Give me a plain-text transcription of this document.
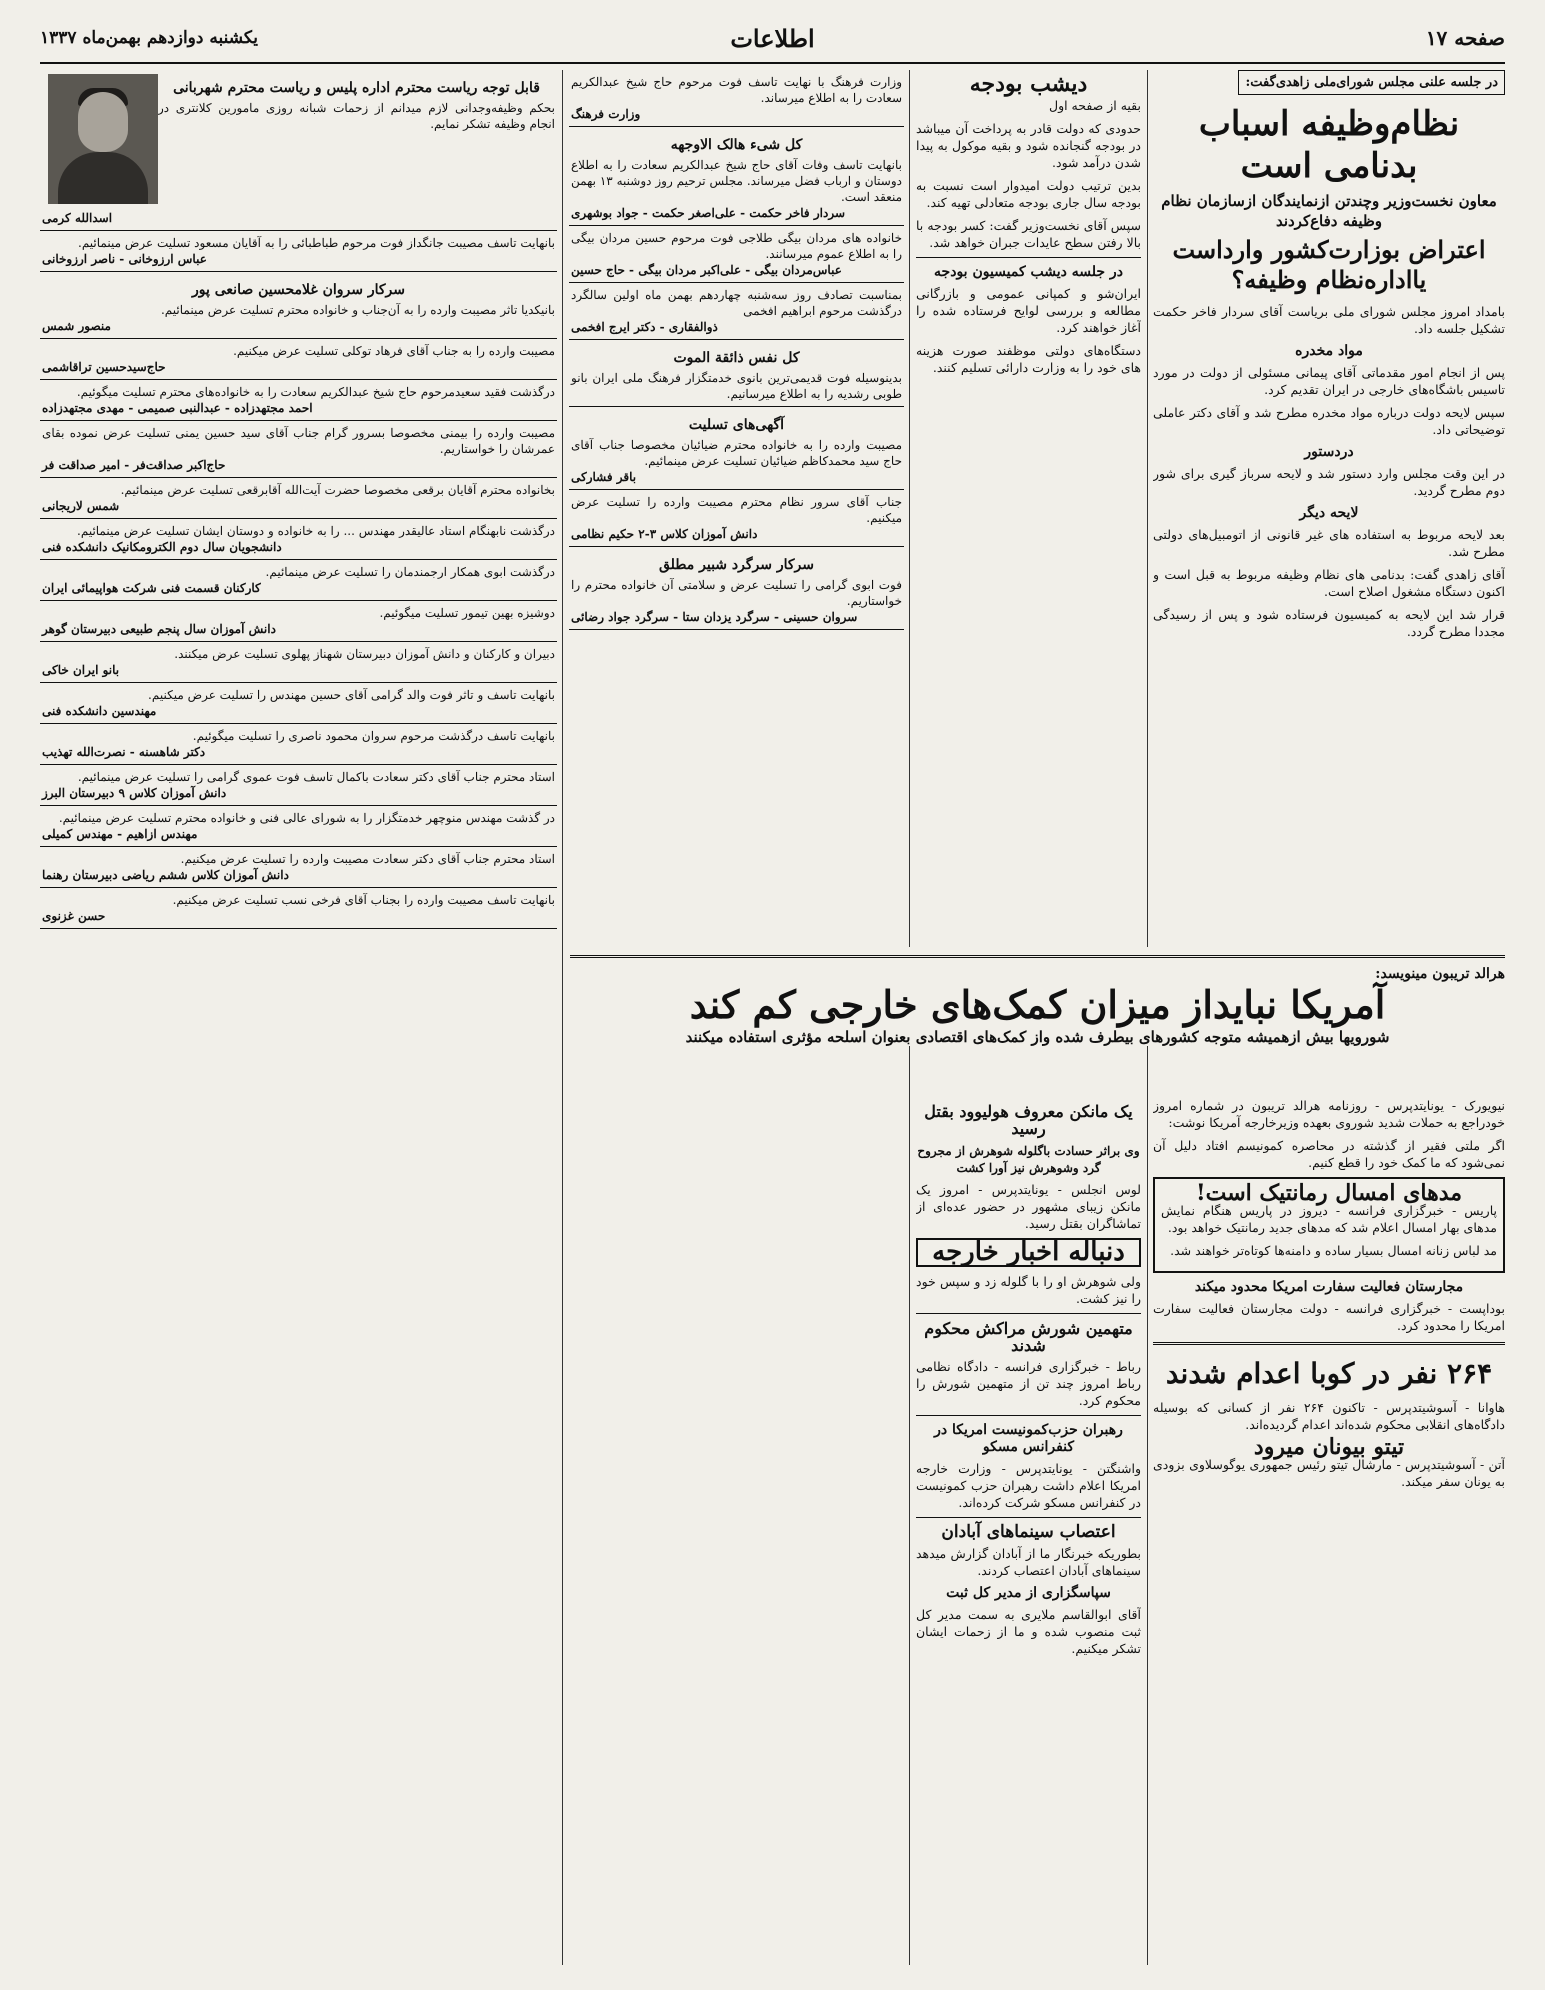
صفحه ١٧
اطلاعات
یکشنبه دوازدهم بهمن‌ماه ١٣٣٧
در جلسه علنی مجلس شورای‌ملی زاهدی‌گفت:
نظام‌وظیفه اسباب بدنامی است
معاون نخست‌وزیر وچندتن ازنمایندگان ازسازمان نظام وظیفه دفاع‌کردند
اعتراض بوزارت‌کشور وارداست یااداره‌نظام وظیفه؟

بامداد امروز مجلس شورای ملی بریاست آقای سردار فاخر حکمت تشکیل جلسه داد.

مواد مخدره

پس از انجام امور مقدماتی آقای پیمانی مسئولی از دولت در مورد تاسیس باشگاه‌های خارجی در ایران تقدیم کرد.

سپس لایحه دولت درباره مواد مخدره مطرح شد و آقای دکتر عاملی توضیحاتی داد.

دردستور

در این وقت مجلس وارد دستور شد و لایحه سرباز گیری برای شور دوم مطرح گردید.

لایحه دیگر

بعد لایحه مربوط به استفاده های غیر قانونی از اتومبیل‌های دولتی مطرح شد.

آقای زاهدی گفت: بدنامی های نظام وظیفه مربوط به قبل است و اکنون دستگاه مشغول اصلاح است.

قرار شد این لایحه به کمیسیون فرستاده شود و پس از رسیدگی مجددا مطرح گردد.

دیشب بودجه

بقیه از صفحه اول

حدودی که دولت قادر به پرداخت آن میباشد در بودجه گنجانده شود و بقیه موکول به پیدا شدن درآمد شود.

بدین ترتیب دولت امیدوار است نسبت به بودجه سال جاری بودجه متعادلی تهیه کند.

سپس آقای نخست‌وزیر گفت: کسر بودجه با بالا رفتن سطح عایدات جبران خواهد شد.

در جلسه دیشب کمیسیون بودجه

ایران‌شو و کمپانی عمومی و بازرگانی مطالعه و بررسی لوایح فرستاده شده را آغاز خواهند کرد.

دستگاه‌های دولتی موظفند صورت هزینه های خود را به وزارت دارائی تسلیم کنند.

وزارت فرهنگ با نهایت تاسف فوت مرحوم حاج شیخ عبدالکریم سعادت را به اطلاع میرساند.
وزارت فرهنگ
کل شیء هالک الاوجهه
بانهایت تاسف وفات آقای حاج شیخ عبدالکریم سعادت را به اطلاع دوستان و ارباب فضل میرساند. مجلس ترحیم روز دوشنبه ۱۳ بهمن منعقد است.
سردار فاخر حکمت - علی‌اصغر حکمت - جواد بوشهری
خانواده های مردان بیگی طلاجی فوت مرحوم حسین مردان بیگی را به اطلاع عموم میرسانند.
عباس‌مردان بیگی - علی‌اکبر مردان بیگی - حاج حسین
بمناسبت تصادف روز سه‌شنبه چهاردهم بهمن ماه اولین سالگرد درگذشت مرحوم ابراهیم افخمی
ذوالفقاری - دکتر ایرج افخمی
کل نفس ذائقة الموت
بدینوسیله فوت قدیمی‌ترین بانوی خدمتگزار فرهنگ ملی ایران بانو طوبی رشدیه را به اطلاع میرسانیم.
آگهی‌های تسلیت
مصیبت وارده را به خانواده محترم ضیائیان مخصوصا جناب آقای حاج سید محمدکاظم ضیائیان تسلیت عرض مینمائیم.
باقر فشارکی
جناب آقای سرور نظام محترم مصیبت وارده را تسلیت عرض میکنیم.
دانش آموزان کلاس ۳-۲ حکیم نظامی
سرکار سرگرد شبیر مطلق
فوت ابوی گرامی را تسلیت عرض و سلامتی آن خانواده محترم را خواستاریم.
سروان حسینی - سرگرد یزدان ستا - سرگرد جواد رضائی
قابل توجه ریاست محترم اداره پلیس و ریاست محترم شهربانی
بحکم وظیفه‌وجدانی لازم میدانم از زحمات شبانه روزی مامورین کلانتری در انجام وظیفه تشکر نمایم.
اسدالله کرمی
بانهایت تاسف مصیبت جانگداز فوت مرحوم طباطبائی را به آقایان مسعود تسلیت عرض مینمائیم.
عباس ارزوخانی - ناصر ارزوخانی
سرکار سروان غلامحسین صانعی پور
بانیکدیا تاثر مصیبت وارده را به آن‌جناب و خانواده محترم تسلیت عرض مینمائیم.
منصور شمس
مصیبت وارده را به جناب آقای فرهاد توکلی تسلیت عرض میکنیم.
حاج‌سید‌حسین تراقاشمی
درگذشت فقید سعیدمرحوم حاج شیخ عبدالکریم سعادت را به خانواده‌های محترم تسلیت میگوئیم.
احمد مجتهدزاده - عبدالنبی صمیمی - مهدی مجتهدزاده
مصیبت وارده را بیمنی مخصوصا بسرور گرام جناب آقای سید حسین یمنی تسلیت عرض نموده بقای عمرشان را خواستاریم.
حاج‌اکبر صداقت‌فر - امیر صداقت فر
بخانواده محترم آقایان برقعی مخصوصا حضرت آیت‌الله آقابرقعی تسلیت عرض مینمائیم.
شمس لاریجانی
درگذشت نابهنگام استاد عالیقدر مهندس ... را به خانواده و دوستان ایشان تسلیت عرض مینمائیم.
دانشجویان سال دوم الکترومکانیک دانشکده فنی
درگذشت ابوی همکار ارجمندمان را تسلیت عرض مینمائیم.
کارکنان قسمت فنی شرکت هواپیمائی ایران
دوشیزه بهین تیمور تسلیت میگوئیم.
دانش آموزان سال پنجم طبیعی دبیرستان گوهر
دبیران و کارکنان و دانش آموزان دبیرستان شهناز پهلوی تسلیت عرض میکنند.
بانو ایران خاکی
بانهایت تاسف و تاثر فوت والد گرامی آقای حسین مهندس را تسلیت عرض میکنیم.
مهندسین دانشکده فنی
بانهایت تاسف درگذشت مرحوم سروان محمود ناصری را تسلیت میگوئیم.
دکتر شاهسنه - نصرت‌الله تهذیب
استاد محترم جناب آقای دکتر سعادت باکمال تاسف فوت عموی گرامی را تسلیت عرض مینمائیم.
دانش آموزان کلاس ۹ دبیرستان البرز
در گذشت مهندس منوچهر خدمتگزار را به شورای عالی فنی و خانواده محترم تسلیت عرض مینمائیم.
مهندس ازاهیم - مهندس کمیلی
استاد محترم جناب آقای دکتر سعادت مصیبت وارده را تسلیت عرض میکنیم.
دانش آموزان کلاس ششم ریاضی دبیرستان رهنما
بانهایت تاسف مصیبت وارده را بجناب آقای فرخی نسب تسلیت عرض میکنیم.
حسن غزنوی
هرالد تریبون مینویسد:
آمریکا نبایداز میزان کمک‌های خارجی کم کند
شورویها بیش ازهمیشه متوجه کشورهای بیطرف شده واز کمک‌های اقتصادی بعنوان اسلحه مؤثری استفاده میکنند

نیویورک - یونایتدپرس - روزنامه هرالد تریبون در شماره امروز خودراجع به حملات شدید شوروی بعهده وزیرخارجه آمریکا نوشت:

اگر ملتی فقیر از گذشته در محاصره کمونیسم افتاد دلیل آن نمی‌شود که ما کمک خود را قطع کنیم.

مدهای امسال رمانتیک است!

پاریس - خبرگزاری فرانسه - دیروز در پاریس هنگام نمایش مدهای بهار امسال اعلام شد که مدهای جدید رمانتیک خواهد بود.

مد لباس زنانه امسال بسیار ساده و دامنه‌ها کوتاه‌تر خواهند شد.

مجارستان فعالیت سفارت امریکا محدود میکند

بوداپست - خبرگزاری فرانسه - دولت مجارستان فعالیت سفارت امریکا را محدود کرد.

۲۶۴ نفر در کوبا اعدام شدند

هاوانا - آسوشیتدپرس - تاکنون ۲۶۴ نفر از کسانی که بوسیله دادگاه‌های انقلابی محکوم شده‌اند اعدام گردیده‌اند.

تیتو بیونان میرود

آتن - آسوشیتدپرس - مارشال تیتو رئیس جمهوری یوگوسلاوی بزودی به یونان سفر میکند.

یک مانکن معروف هولیوود بقتل رسید
وی براثر حسادت باگلوله شوهرش از مجروح گرد وشوهرش نیز آورا کشت

لوس انجلس - یونایتدپرس - امروز یک مانکن زیبای مشهور در حضور عده‌ای از تماشاگران بقتل رسید.

دنباله اخبار خارجه

ولی شوهرش او را با گلوله زد و سپس خود را نیز کشت.

متهمین شورش مراکش محکوم شدند

رباط - خبرگزاری فرانسه - دادگاه نظامی رباط امروز چند تن از متهمین شورش را محکوم کرد.

رهبران حزب‌کمونیست امریکا در کنفرانس مسکو

واشنگتن - یونایتدپرس - وزارت خارجه امریکا اعلام داشت رهبران حزب کمونیست در کنفرانس مسکو شرکت کرده‌اند.

اعتصاب سینماهای آبادان

بطوریکه خبرنگار ما از آبادان گزارش میدهد سینماهای آبادان اعتصاب کردند.

سپاسگزاری از مدیر کل ثبت

آقای ابوالقاسم ملایری به سمت مدیر کل ثبت منصوب شده و ما از زحمات ایشان تشکر میکنیم.
